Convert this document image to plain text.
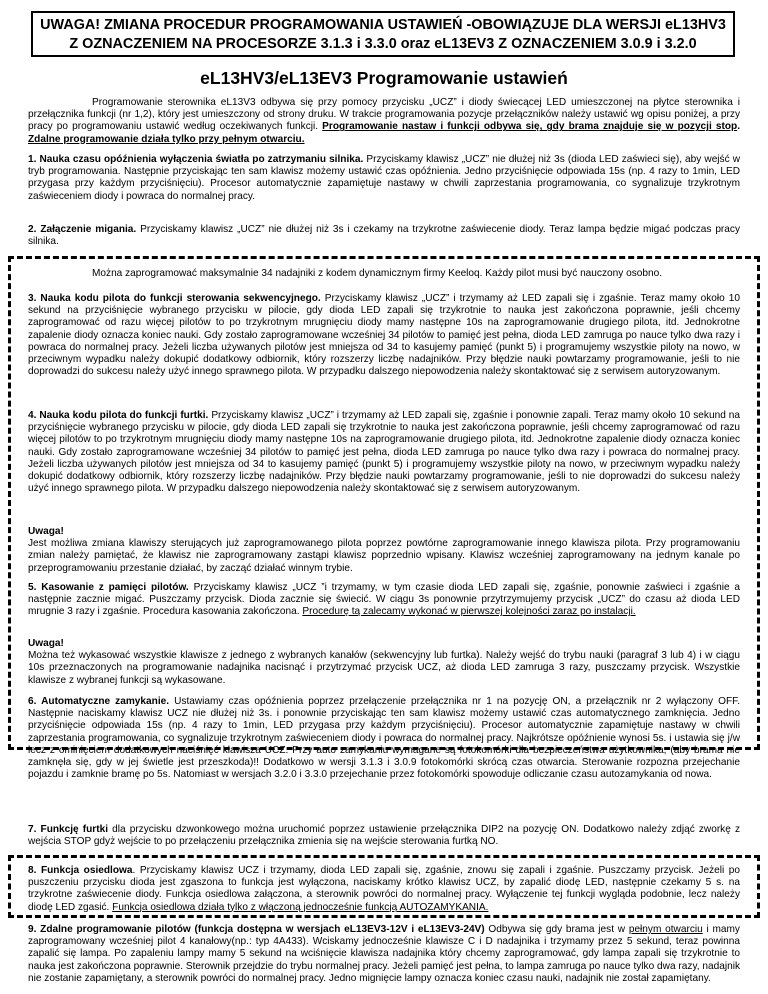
UWAGA! ZMIANA PROCEDUR PROGRAMOWANIA USTAWIEŃ -OBOWIĄZUJE DLA WERSJI eL13HV3
Z OZNACZENIEM NA PROCESORZE 3.1.3 i 3.3.0 oraz eL13EV3 Z OZNACZENIEM 3.0.9 i 3.2.0
eL13HV3/eL13EV3 Programowanie ustawień
Programowanie sterownika eL13V3 odbywa się przy pomocy przycisku „UCZ” i diody świecącej LED umieszczonej na płytce sterownika i przełącznika funkcji (nr 1,2), który jest umieszczony od strony druku. W trakcie programowania pozycje przełączników należy ustawić wg opisu poniżej, a przy pracy po programowaniu ustawić według oczekiwanych funkcji. Programowanie nastaw i funkcji odbywa się, gdy brama znajduje się w pozycji stop. Zdalne programowanie działa tylko przy pełnym otwarciu.
1. Nauka czasu opóźnienia wyłączenia światła po zatrzymaniu silnika. Przyciskamy klawisz „UCZ” nie dłużej niż 3s (dioda LED zaświeci się), aby wejść w tryb programowania. Następnie przyciskając ten sam klawisz możemy ustawić czas opóźnienia. Jedno przyciśnięcie odpowiada 15s (np. 4 razy to 1min, LED przygasa przy każdym przyciśnięciu). Procesor automatycznie zapamiętuje nastawy w chwili zaprzestania programowania, co sygnalizuje trzykrotnym zaświeceniem diody i powraca do normalnej pracy.
2. Załączenie migania. Przyciskamy klawisz „UCZ” nie dłużej niż 3s i czekamy na trzykrotne zaświecenie diody. Teraz lampa będzie migać podczas pracy silnika.
Można zaprogramować maksymalnie 34 nadajniki z kodem dynamicznym firmy Keeloq. Każdy pilot musi być nauczony osobno.
3. Nauka kodu pilota do funkcji sterowania sekwencyjnego. Przyciskamy klawisz „UCZ” i trzymamy aż LED zapali się i zgaśnie. Teraz mamy około 10 sekund na przyciśnięcie wybranego przycisku w pilocie, gdy dioda LED zapali się trzykrotnie to nauka jest zakończona poprawnie, jeśli chcemy zaprogramować od razu więcej pilotów to po trzykrotnym mrugnięciu diody mamy następne 10s na zaprogramowanie drugiego pilota, itd. Jednokrotne zapalenie diody oznacza koniec nauki. Gdy zostało zaprogramowane wcześniej 34 pilotów to pamięć jest pełna, dioda LED zamruga po nauce tylko dwa razy i powraca do normalnej pracy. Jeżeli liczba używanych pilotów jest mniejsza od 34 to kasujemy pamięć (punkt 5) i programujemy wszystkie piloty na nowo, w przeciwnym wypadku należy dokupić dodatkowy odbiornik, który rozszerzy liczbę nadajników. Przy błędzie nauki powtarzamy programowanie, jeśli to nie doprowadzi do sukcesu należy użyć innego sprawnego pilota. W przypadku dalszego niepowodzenia należy skontaktować się z serwisem autoryzowanym.
4. Nauka kodu pilota do funkcji furtki. Przyciskamy klawisz „UCZ” i trzymamy aż LED zapali się, zgaśnie i ponownie zapali. Teraz mamy około 10 sekund na przyciśnięcie wybranego przycisku w pilocie, gdy dioda LED zapali się trzykrotnie to nauka jest zakończona poprawnie, jeśli chcemy zaprogramować od razu więcej pilotów to po trzykrotnym mrugnięciu diody mamy następne 10s na zaprogramowanie drugiego pilota, itd. Jednokrotne zapalenie diody oznacza koniec nauki. Gdy zostało zaprogramowane wcześniej 34 pilotów to pamięć jest pełna, dioda LED zamruga po nauce tylko dwa razy i powraca do normalnej pracy. Jeżeli liczba używanych pilotów jest mniejsza od 34 to kasujemy pamięć (punkt 5) i programujemy wszystkie piloty na nowo, w przeciwnym wypadku należy dokupić dodatkowy odbiornik, który rozszerzy liczbę nadajników. Przy błędzie nauki powtarzamy programowanie, jeśli to nie doprowadzi do sukcesu należy użyć innego sprawnego pilota. W przypadku dalszego niepowodzenia należy skontaktować się z serwisem autoryzowanym.
Uwaga!
Jest możliwa zmiana klawiszy sterujących już zaprogramowanego pilota poprzez powtórne zaprogramowanie innego klawisza pilota. Przy programowaniu zmian należy pamiętać, że klawisz nie zaprogramowany zastąpi klawisz poprzednio wpisany. Klawisz wcześniej zaprogramowany na jednym kanale po przeprogramowaniu przestanie działać, by zacząć działać winnym trybie.
5. Kasowanie z pamięci pilotów. Przyciskamy klawisz „UCZ ”i trzymamy, w tym czasie dioda LED zapali się, zgaśnie, ponownie zaświeci i zgaśnie a następnie zacznie migać. Puszczamy przycisk. Dioda zacznie się świecić. W ciągu 3s ponownie przytrzymujemy przycisk „UCZ” do czasu aż dioda LED mrugnie 3 razy i zgaśnie. Procedura kasowania zakończona. Procedurę tą zalecamy wykonać w pierwszej kolejności zaraz po instalacji.
Uwaga!
Można też wykasować wszystkie klawisze z jednego z wybranych kanałów (sekwencyjny lub furtka). Należy wejść do trybu nauki (paragraf 3 lub 4) i w ciągu 10s przeznaczonych na programowanie nadajnika nacisnąć i przytrzymać przycisk UCZ, aż dioda LED zamruga 3 razy, puszczamy przycisk. Wszystkie klawisze z wybranej funkcji są wykasowane.
6. Automatyczne zamykanie. Ustawiamy czas opóźnienia poprzez przełączenie przełącznika nr 1 na pozycję ON, a przełącznik nr 2 wyłączony OFF. Następnie naciskamy klawisz UCZ nie dłużej niż 3s. i ponownie przyciskając ten sam klawisz możemy ustawić czas automatycznego zamknięcia. Jedno przyciśnięcie odpowiada 15s (np. 4 razy to 1min, LED przygasa przy każdym przyciśnięciu). Procesor automatycznie zapamiętuje nastawy w chwili zaprzestania programowania, co sygnalizuje trzykrotnym zaświeceniem diody i powraca do normalnej pracy. Najkrótsze opóźnienie wynosi 5s. i ustawia się j/w lecz z ominięciem dodatkowych naciśnięć klawisza UCZ. Przy auto zamykaniu wymagane są fotokomórki dla bezpieczeństwa użytkownika, (aby brama nie zamknęła się, gdy w jej świetle jest przeszkoda)!! Dodatkowo w wersji 3.1.3 i 3.0.9 fotokomórki skrócą czas otwarcia. Sterowanie rozpozna przejechanie pojazdu i zamknie bramę po 5s. Natomiast w wersjach 3.2.0 i 3.3.0 przejechanie przez fotokomórki spowoduje odliczanie czasu autozamykania od nowa.
7. Funkcję furtki dla przycisku dzwonkowego można uruchomić poprzez ustawienie przełącznika DIP2 na pozycję ON. Dodatkowo należy zdjąć zworkę z wejścia STOP gdyż wejście to po przełączeniu przełącznika zmienia się na wejście sterowania furtką NO.
8. Funkcja osiedlowa. Przyciskamy klawisz UCZ i trzymamy, dioda LED zapali się, zgaśnie, znowu się zapali i zgaśnie. Puszczamy przycisk. Jeżeli po puszczeniu przycisku dioda jest zgaszona to funkcja jest wyłączona, naciskamy krótko klawisz UCZ, by zapalić diodę LED, następnie czekamy 5 s. na trzykrotne zaświecenie diody. Funkcja osiedlowa załączona, a sterownik powróci do normalnej pracy. Wyłączenie tej funkcji wygląda podobnie, lecz należy diodę LED zgasić. Funkcja osiedlowa działa tylko z włączoną jednocześnie funkcją AUTOZAMYKANIA.
9. Zdalne programowanie pilotów (funkcja dostępna w wersjach eL13EV3-12V i eL13EV3-24V) Odbywa się gdy brama jest w pełnym otwarciu i mamy zaprogramowany wcześniej pilot 4 kanałowy(np.: typ 4A433). Wciskamy jednocześnie klawisze C i D nadajnika i trzymamy przez 5 sekund, teraz powinna zapalić się lampa. Po zapaleniu lampy mamy 5 sekund na wciśnięcie klawisza nadajnika który chcemy zaprogramować, gdy lampa zapali się trzykrotnie to nauka jest zakończona poprawnie. Sterownik przejdzie do trybu normalnej pracy. Jeżeli pamięć jest pełna, to lampa zamruga po nauce tylko dwa razy, nadajnik nie zostanie zapamiętany, a sterownik powróci do normalnej pracy. Jedno mignięcie lampy oznacza koniec czasu nauki, nadajnik nie został zapamiętany.
